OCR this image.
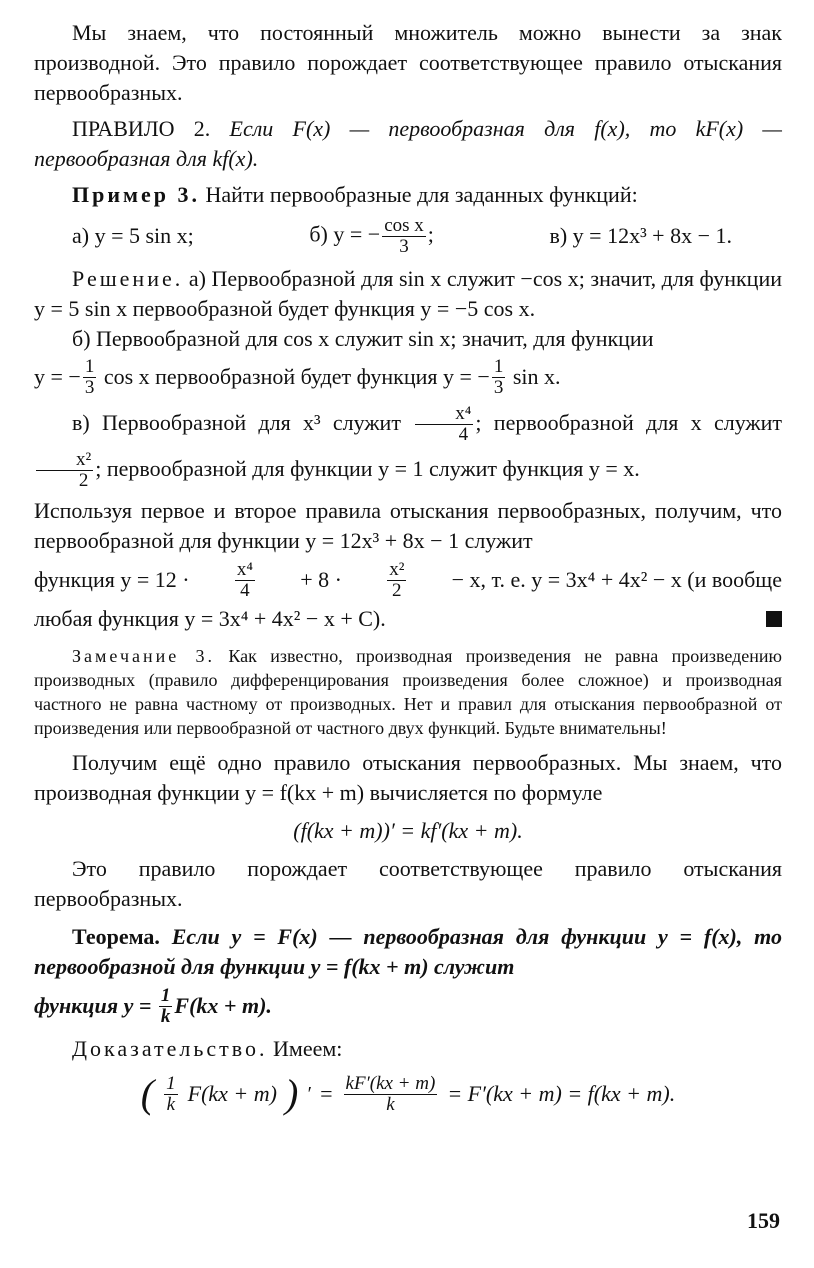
Мы знаем, что постоянный множитель можно вынести за знак производной. Это правило порождает соответствующее правило отыскания первообразных.

ПРАВИЛО 2. Если F(x) — первообразная для f(x), то kF(x) — первообразная для kf(x).

Пример 3. Найти первообразные для заданных функций:

а) y = 5 sin x;	б) y = − $\frac{\text{cos x}}{3}$ ;	в) y = 12x³ + 8x − 1.

Решение. а) Первообразной для sin x служит −cos x; значит, для функции y = 5 sin x первообразной будет функция y = −5 cos x.

б) Первообразной для cos x служит sin x; значит, для функции

y = − $\frac{1}{3}$ cos x первообразной будет функция y = − $\frac{1}{3}$ sin x.

в) Первообразной для x³ служит $\frac{\text{x⁴}}{4}$ ; первообразной для x служит
$\frac{\text{x²}}{2}$ ; первообразной для функции y = 1 служит функция y = x.

Используя первое и второе правила отыскания первообразных, получим, что первообразной для функции y = 12x³ + 8x − 1 служит

функция $y = 12 \cdot \frac{\text{x⁴}}{4} + 8 \cdot \frac{\text{x²}}{2} - x$, т. е. y = 3x⁴ + 4x² − x (и вообще

любая функция y = 3x⁴ + 4x² − x + C).

Замечание 3. Как известно, производная произведения не равна произведению производных (правило дифференцирования произведения более сложное) и производная частного не равна частному от производных. Нет и правил для отыскания первообразной от произведения или первообразной от частного двух функций. Будьте внимательны!

Получим ещё одно правило отыскания первообразных. Мы знаем, что производная функции y = f(kx + m) вычисляется по формуле

(f(kx + m))′ = kf′(kx + m).

Это правило порождает соответствующее правило отыскания первообразных.

Теорема. Если y = F(x) — первообразная для функции y = f(x), то первообразной для функции y = f(kx + m) служит

функция y =
$\frac{1}{k} F(kx + m)$.

Доказательство. Имеем:

( $\frac{1}{k} F(kx + m)$ ) ′ = $\frac{kF'(kx + m)}{k} = F'(kx + m) = f(kx + m)$.
159
